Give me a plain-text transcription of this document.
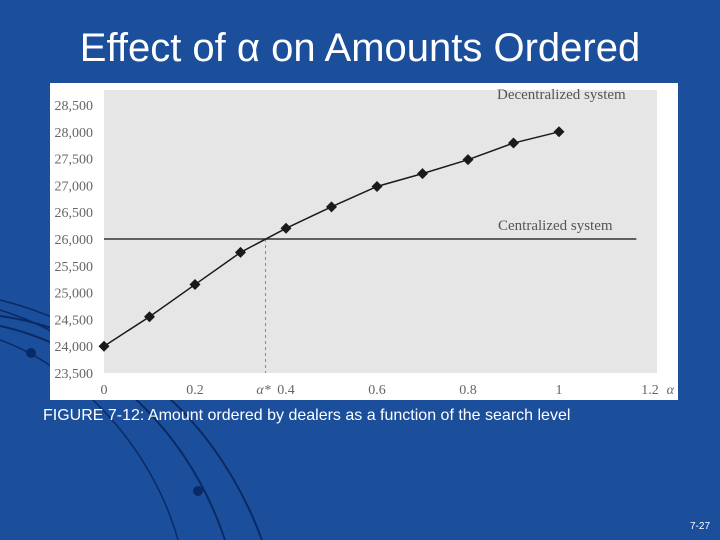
Effect of α on Amounts Ordered
23,500
24,000
24,500
25,000
25,500
26,000
26,500
27,000
27,500
28,000
28,500
0	0.2	0.4	0.6	0.8	1	1.2 α
α*
Centralized system
Decentralized system
FIGURE 7-12: Amount ordered by dealers as a function of the search level
7-27
